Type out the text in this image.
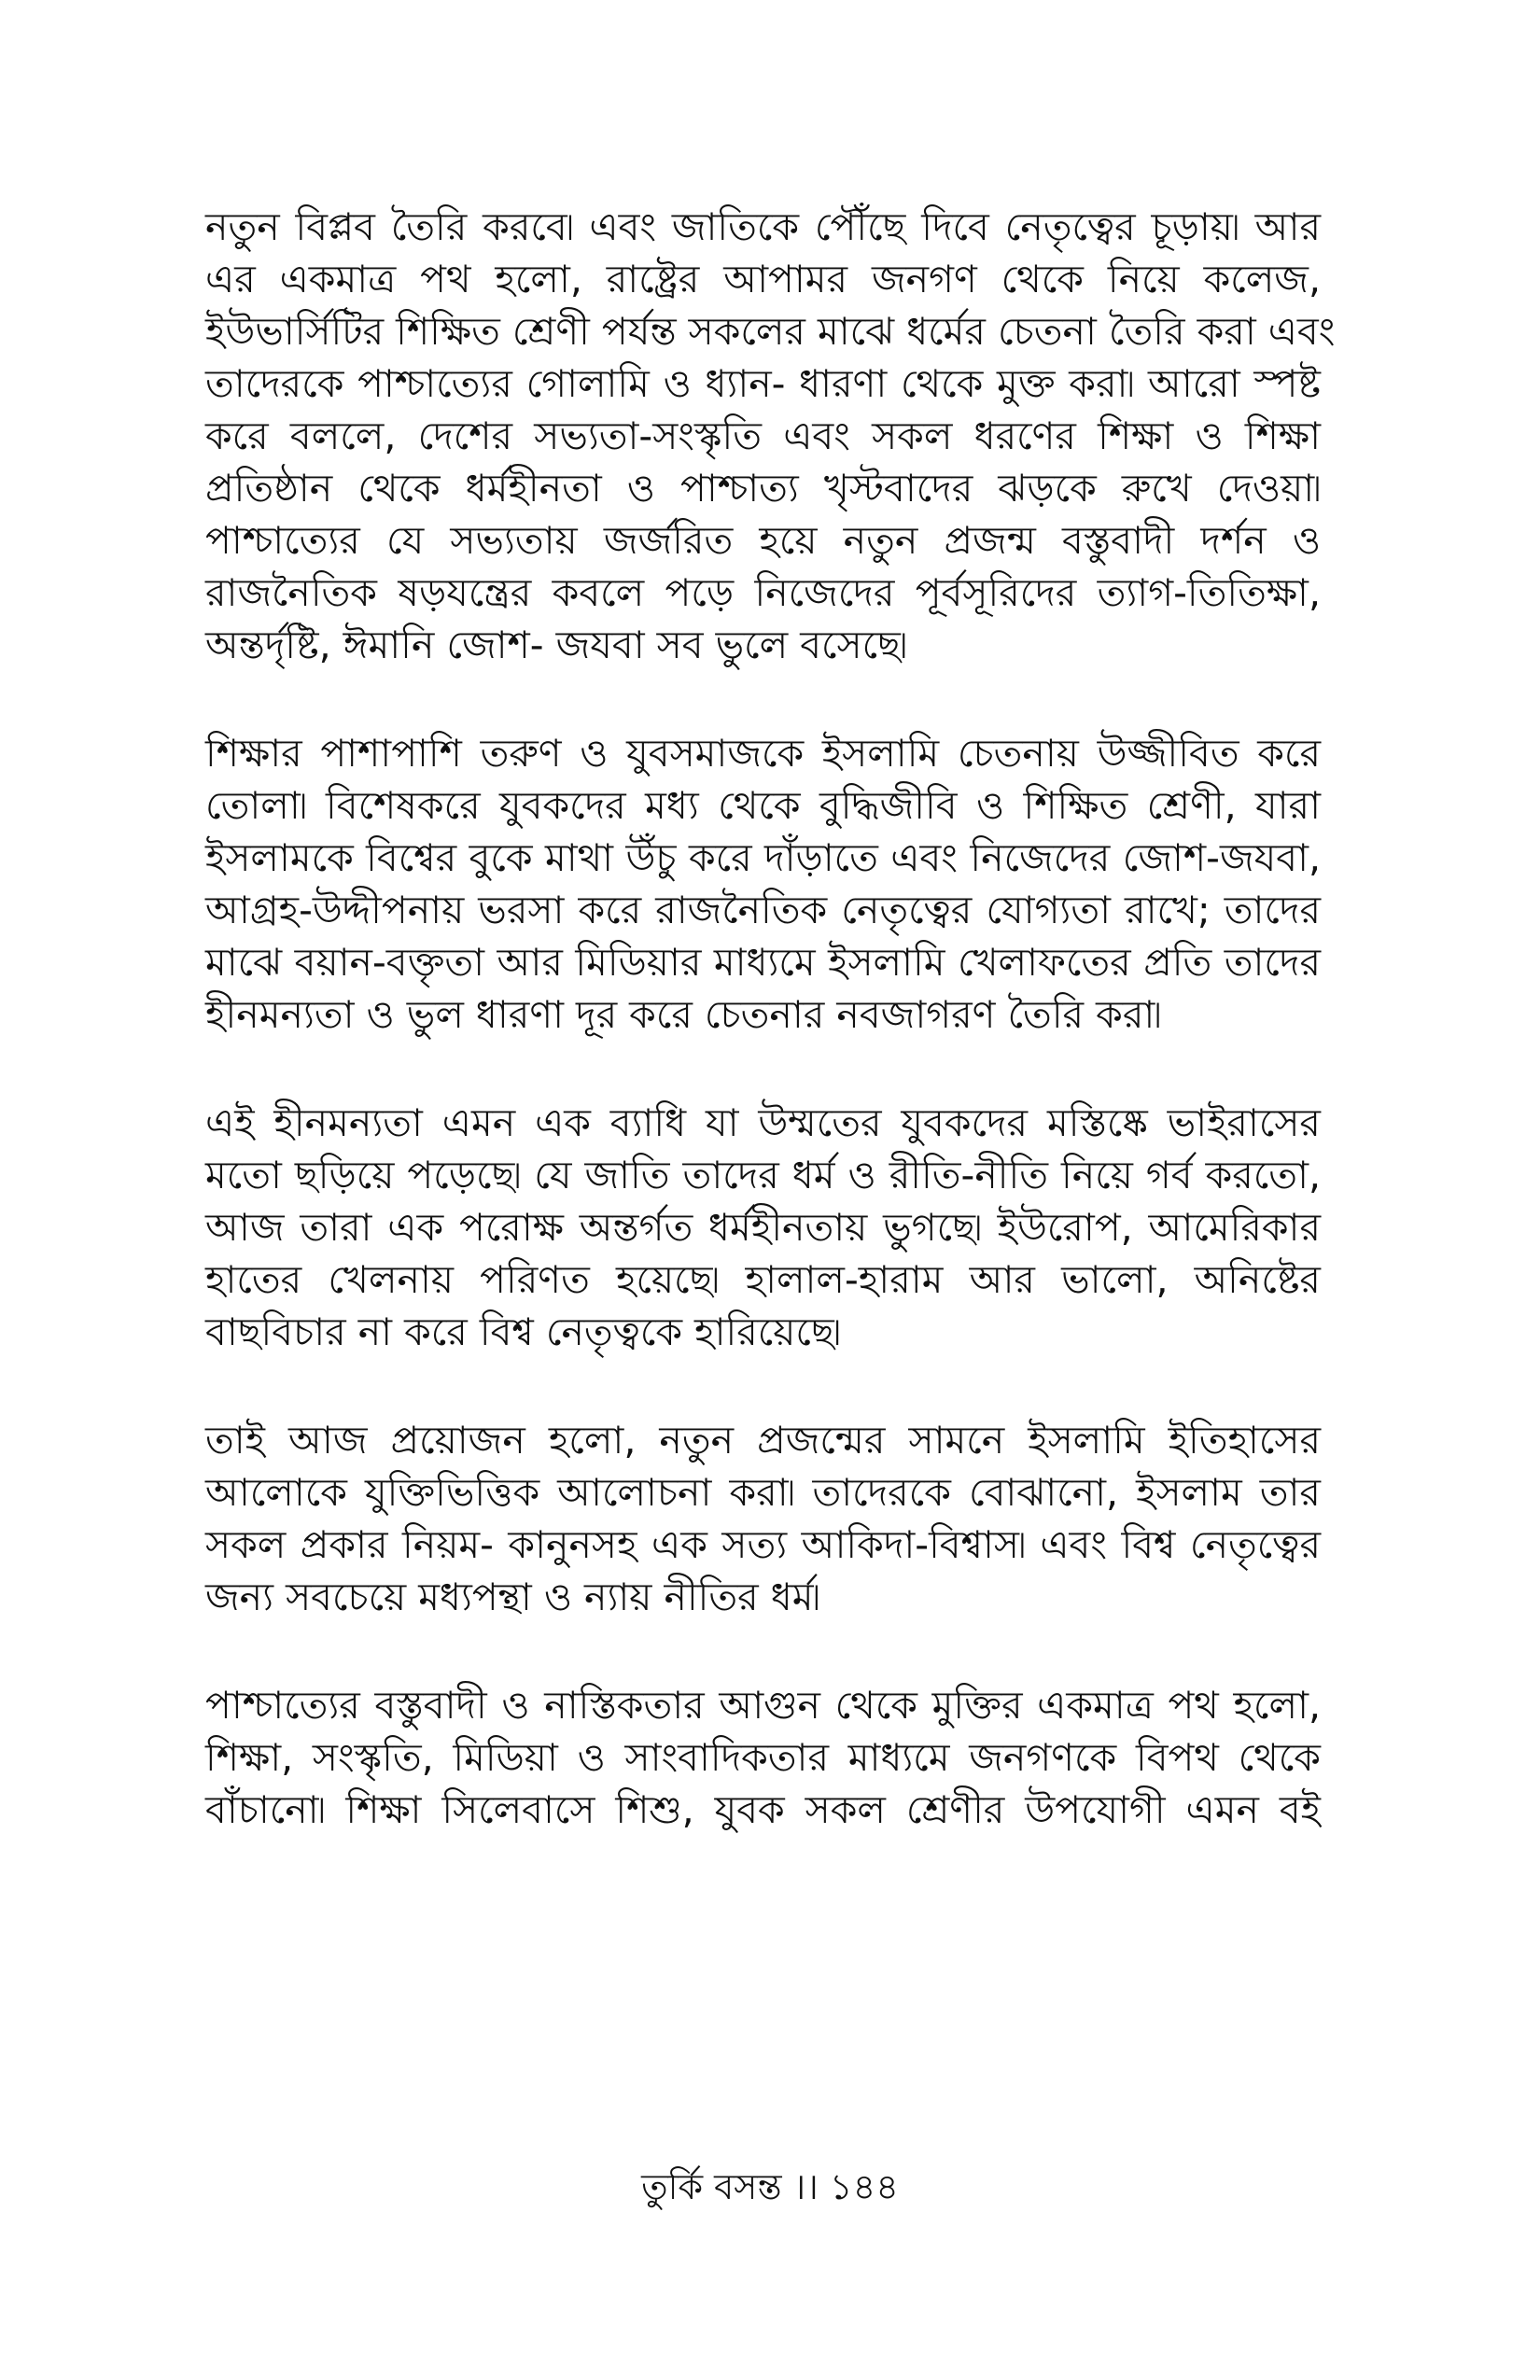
নতুন বিপ্লব তৈরি করবে৷ এবং জাতিকে পৌঁছে দিবে নেতৃত্বের চূড়ায়৷ আর
এর একমাত্র পথ হলো, রাষ্ট্রের আপামর জনগণ থেকে নিয়ে কলেজ,
ইউভার্সিটির শিক্ষিত শ্রেণী পর্যন্ত সকলের মাঝে ধর্মের চেতনা তৈরি করা এবং
তাদেরকে পাশ্চাত্যের গোলামি ও ধ্যান- ধারণা থেকে মুক্ত করা৷ আরো স্পষ্ট
করে বললে, দেশের সভ্যতা-সংস্কৃতি এবং সকল ধরণের শিক্ষা ও শিক্ষা
প্রতিষ্ঠান থেকে ধর্মহীনতা ও পাশ্চাত্য খৃস্টবাদের ঝড়কে রুখে দেওয়া৷
পাশ্চাত্যের যে সভ্যতায় জর্জরিত হয়ে নতুন প্রজন্ম বস্তুবাদী দর্শন ও
রাজনৈতিক ষড়যন্ত্রের কবলে পড়ে নিজেদের পূর্বসূরিদের ত্যাগ-তিতিক্ষা,
অন্তর্দৃষ্টি, ঈমানি জোশ- জযবা সব ভুলে বসেছে৷
শিক্ষার পাশাপাশি তরুণ ও যুবসমাজকে ইসলামি চেতনায় উজ্জীবিত করে
তোলা৷ বিশেষকরে যুবকদের মধ্য থেকে বুদ্ধিজীবি ও শিক্ষিত শ্রেণী, যারা
ইসলামকে বিশ্বের বুকে মাথা উঁচু করে দাঁড়াতে এবং নিজেদের জোশ-জযবা,
আগ্রহ-উদ্দীপনায় ভরসা করে রাজনৈতিক নেতৃত্বের যোগ্যতা রাখে; তাদের
মাঝে বয়ান-বক্তৃতা আর মিডিয়ার মাধ্যমে ইসলামি খেলাফতের প্রতি তাদের
হীনমন্যতা ও ভুল ধারণা দূর করে চেতনার নবজাগরণ তৈরি করা৷
এই হীনমন্যতা এমন এক ব্যাধি যা উম্মতের যুবকদের মস্তিষ্কে ভাইরাসের
মতো ছড়িয়ে পড়েছে৷ যে জাতি তাদের ধর্ম ও রীতি-নীতি নিয়ে গর্ব করতো,
আজ তারা এক পরোক্ষ অন্তর্গত ধর্মহীনতায় ভুগছে৷ ইউরোপ, আমেরিকার
হাতের খেলনায় পরিণত হয়েছে৷ হালাল-হারাম আর ভালো, অনিষ্টের
বাছবিচার না করে বিশ্ব নেতৃত্বকে হারিয়েছে৷
তাই আজ প্রয়োজন হলো, নতুন প্রজন্মের সামনে ইসলামি ইতিহাসের
আলোকে যুক্তিভিত্তিক আলোচনা করা৷ তাদেরকে বোঝানো, ইসলাম তার
সকল প্রকার নিয়ম- কানুনসহ এক সত্য আকিদা-বিশ্বাস৷ এবং বিশ্ব নেতৃত্বের
জন্য সবচেয়ে মধ্যপন্থা ও ন্যায় নীতির ধর্ম৷
পাশ্চাত্যের বস্তুবাদী ও নাস্তিকতার আগুন থেকে মুক্তির একমাত্র পথ হলো,
শিক্ষা, সংস্কৃতি, মিডিয়া ও সাংবাদিকতার মাধ্যমে জনগণকে বিপথ থেকে
বাঁচানো৷ শিক্ষা সিলেবাসে শিশু, যুবক সকল শ্রেণীর উপযোগী এমন বই
তুর্কি বসন্ত ।। ১৪৪
